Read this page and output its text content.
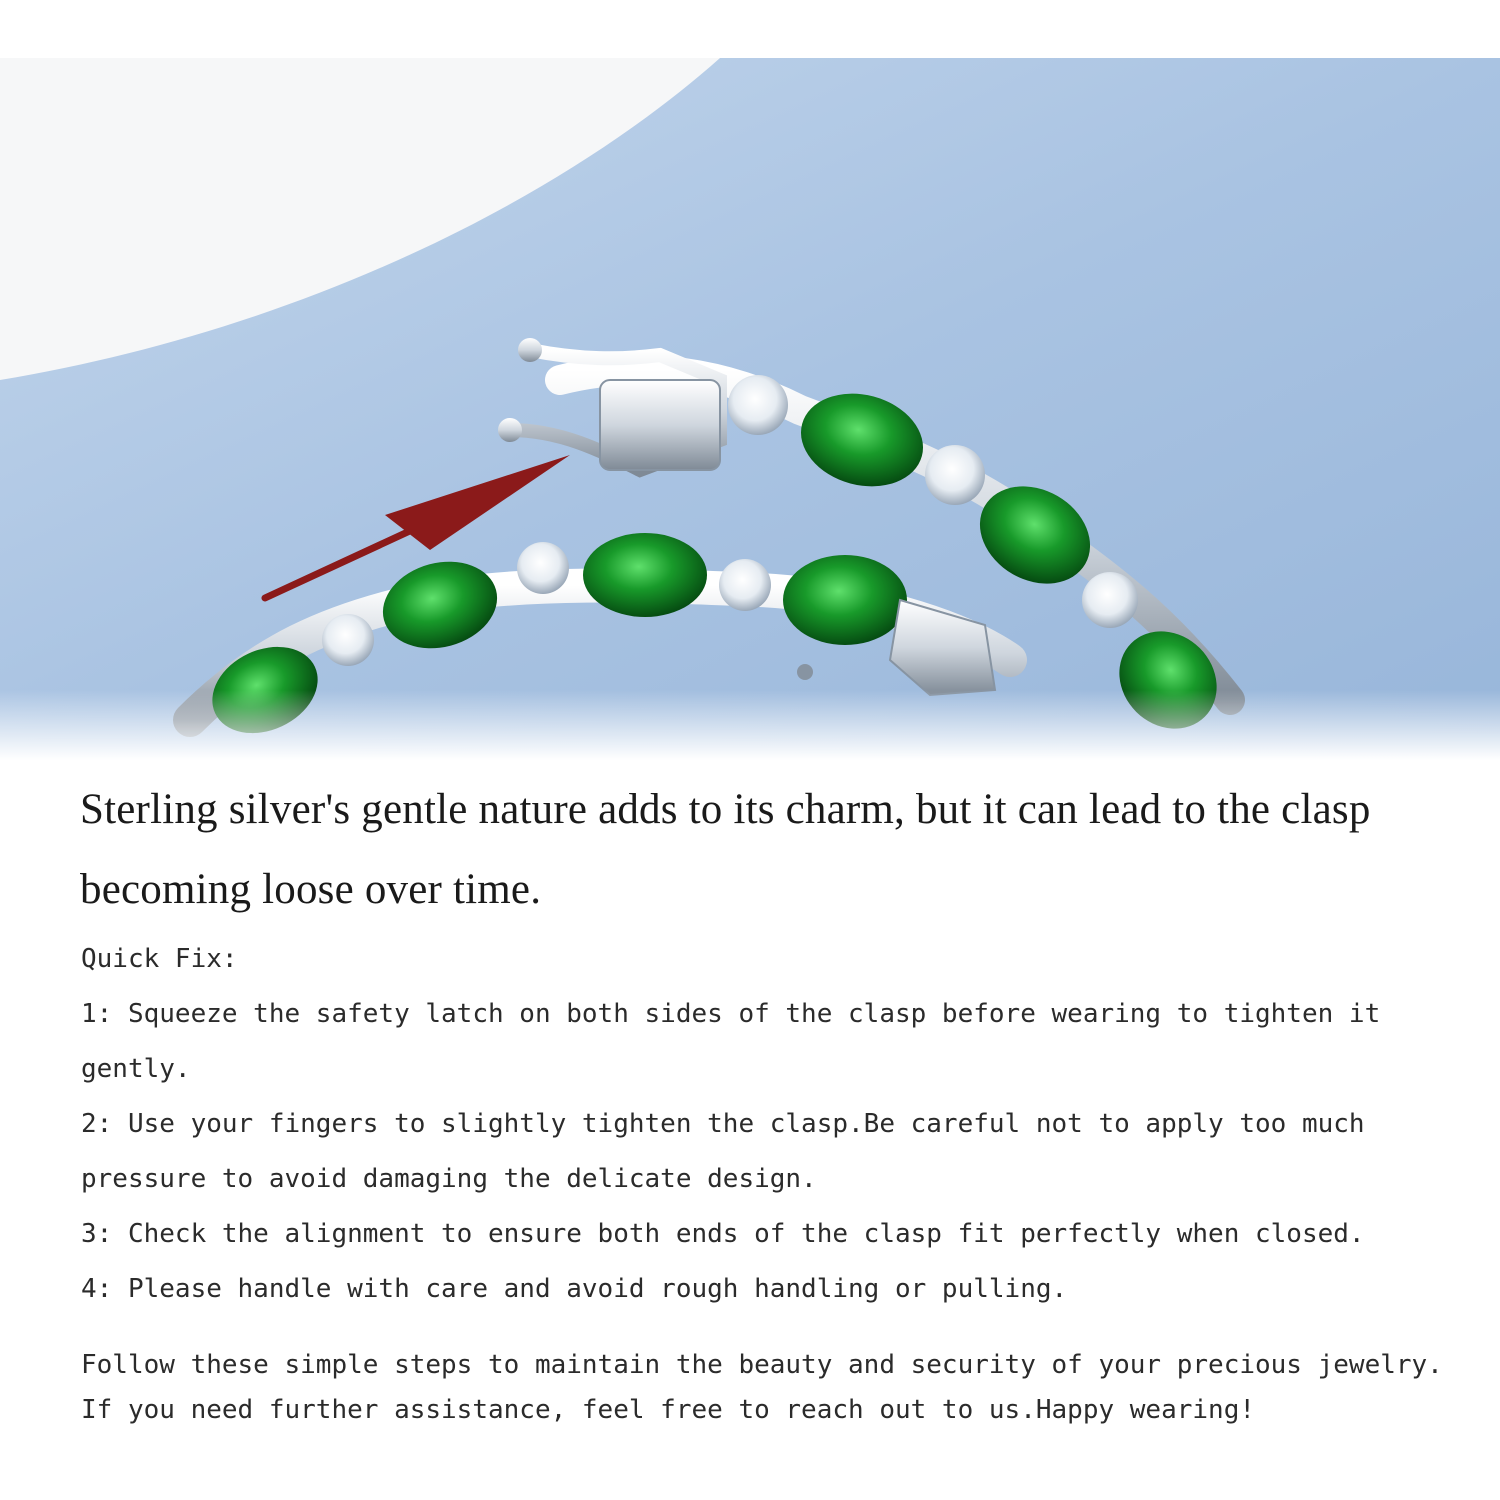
Sterling silver's gentle nature adds to its charm, but it can lead to the clasp becoming loose over time.
Quick Fix:
1: Squeeze the safety latch on both sides of the clasp before wearing to tighten it gently.
2: Use your fingers to slightly tighten the clasp.Be careful not to apply too much pressure to avoid damaging the delicate design.
3: Check the alignment to ensure both ends of the clasp fit perfectly when closed.
4: Please handle with care and avoid rough handling or pulling.

Follow these simple steps to maintain the beauty and security of your precious jewelry.
If you need further assistance, feel free to reach out to us.Happy wearing!
